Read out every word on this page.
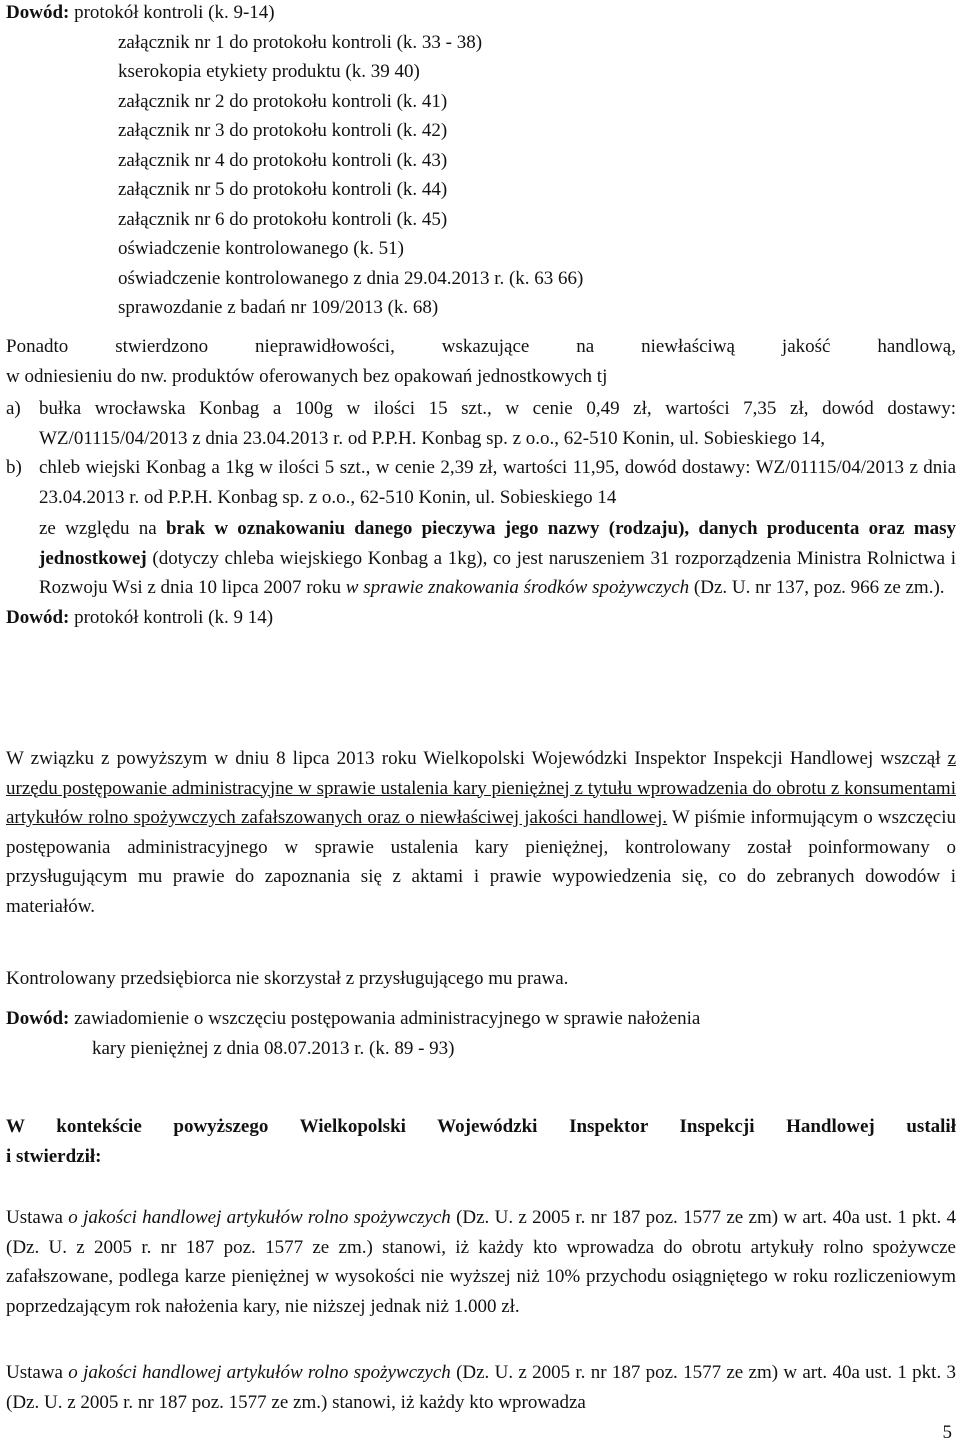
Dowód: protokół kontroli (k. 9-14)

załącznik nr 1 do protokołu kontroli (k. 33 - 38)

kserokopia etykiety produktu (k. 39 40)

załącznik nr 2 do protokołu kontroli (k. 41)

załącznik nr 3 do protokołu kontroli (k. 42)

załącznik nr 4 do protokołu kontroli (k. 43)

załącznik nr 5 do protokołu kontroli (k. 44)

załącznik nr 6 do protokołu kontroli (k. 45)

oświadczenie kontrolowanego (k. 51)

oświadczenie kontrolowanego z dnia 29.04.2013 r. (k. 63 66)

sprawozdanie z badań nr 109/2013 (k. 68)

Ponadto stwierdzono nieprawidłowości, wskazujące na niewłaściwą jakość handlową,

w odniesieniu do nw. produktów oferowanych bez opakowań jednostkowych tj

a) bułka wrocławska Konbag a 100g w ilości 15 szt., w cenie 0,49 zł, wartości 7,35 zł, dowód dostawy: WZ/01115/04/2013 z dnia 23.04.2013 r. od P.P.H. Konbag sp. z o.o., 62-510 Konin, ul. Sobieskiego 14,

b) chleb wiejski Konbag a 1kg w ilości 5 szt., w cenie 2,39 zł, wartości 11,95, dowód dostawy: WZ/01115/04/2013 z dnia 23.04.2013 r. od P.P.H. Konbag sp. z o.o., 62-510 Konin, ul. Sobieskiego 14

ze względu na brak w oznakowaniu danego pieczywa jego nazwy (rodzaju), danych producenta oraz masy jednostkowej (dotyczy chleba wiejskiego Konbag a 1kg), co jest naruszeniem 31 rozporządzenia Ministra Rolnictwa i Rozwoju Wsi z dnia 10 lipca 2007 roku w sprawie znakowania środków spożywczych (Dz. U. nr 137, poz. 966 ze zm.).

Dowód: protokół kontroli (k. 9 14)

W związku z powyższym w dniu 8 lipca 2013 roku Wielkopolski Wojewódzki Inspektor Inspekcji Handlowej wszczął z urzędu postępowanie administracyjne w sprawie ustalenia kary pieniężnej z tytułu wprowadzenia do obrotu z konsumentami artykułów rolno spożywczych zafałszowanych oraz o niewłaściwej jakości handlowej. W piśmie informującym o wszczęciu postępowania administracyjnego w sprawie ustalenia kary pieniężnej, kontrolowany został poinformowany o przysługującym mu prawie do zapoznania się z aktami i prawie wypowiedzenia się, co do zebranych dowodów i materiałów.

Kontrolowany przedsiębiorca nie skorzystał z przysługującego mu prawa.

Dowód: zawiadomienie o wszczęciu postępowania administracyjnego w sprawie nałożenia

kary pieniężnej z dnia 08.07.2013 r. (k. 89 - 93)

W kontekście powyższego Wielkopolski Wojewódzki Inspektor Inspekcji Handlowej ustalił

i stwierdził:

Ustawa o jakości handlowej artykułów rolno spożywczych (Dz. U. z 2005 r. nr 187 poz. 1577 ze zm) w art. 40a ust. 1 pkt. 4 (Dz. U. z 2005 r. nr 187 poz. 1577 ze zm.) stanowi, iż każdy kto wprowadza do obrotu artykuły rolno spożywcze zafałszowane, podlega karze pieniężnej w wysokości nie wyższej niż 10% przychodu osiągniętego w roku rozliczeniowym poprzedzającym rok nałożenia kary, nie niższej jednak niż 1.000 zł.

Ustawa o jakości handlowej artykułów rolno spożywczych (Dz. U. z 2005 r. nr 187 poz. 1577 ze zm) w art. 40a ust. 1 pkt. 3 (Dz. U. z 2005 r. nr 187 poz. 1577 ze zm.) stanowi, iż każdy kto wprowadza

5
